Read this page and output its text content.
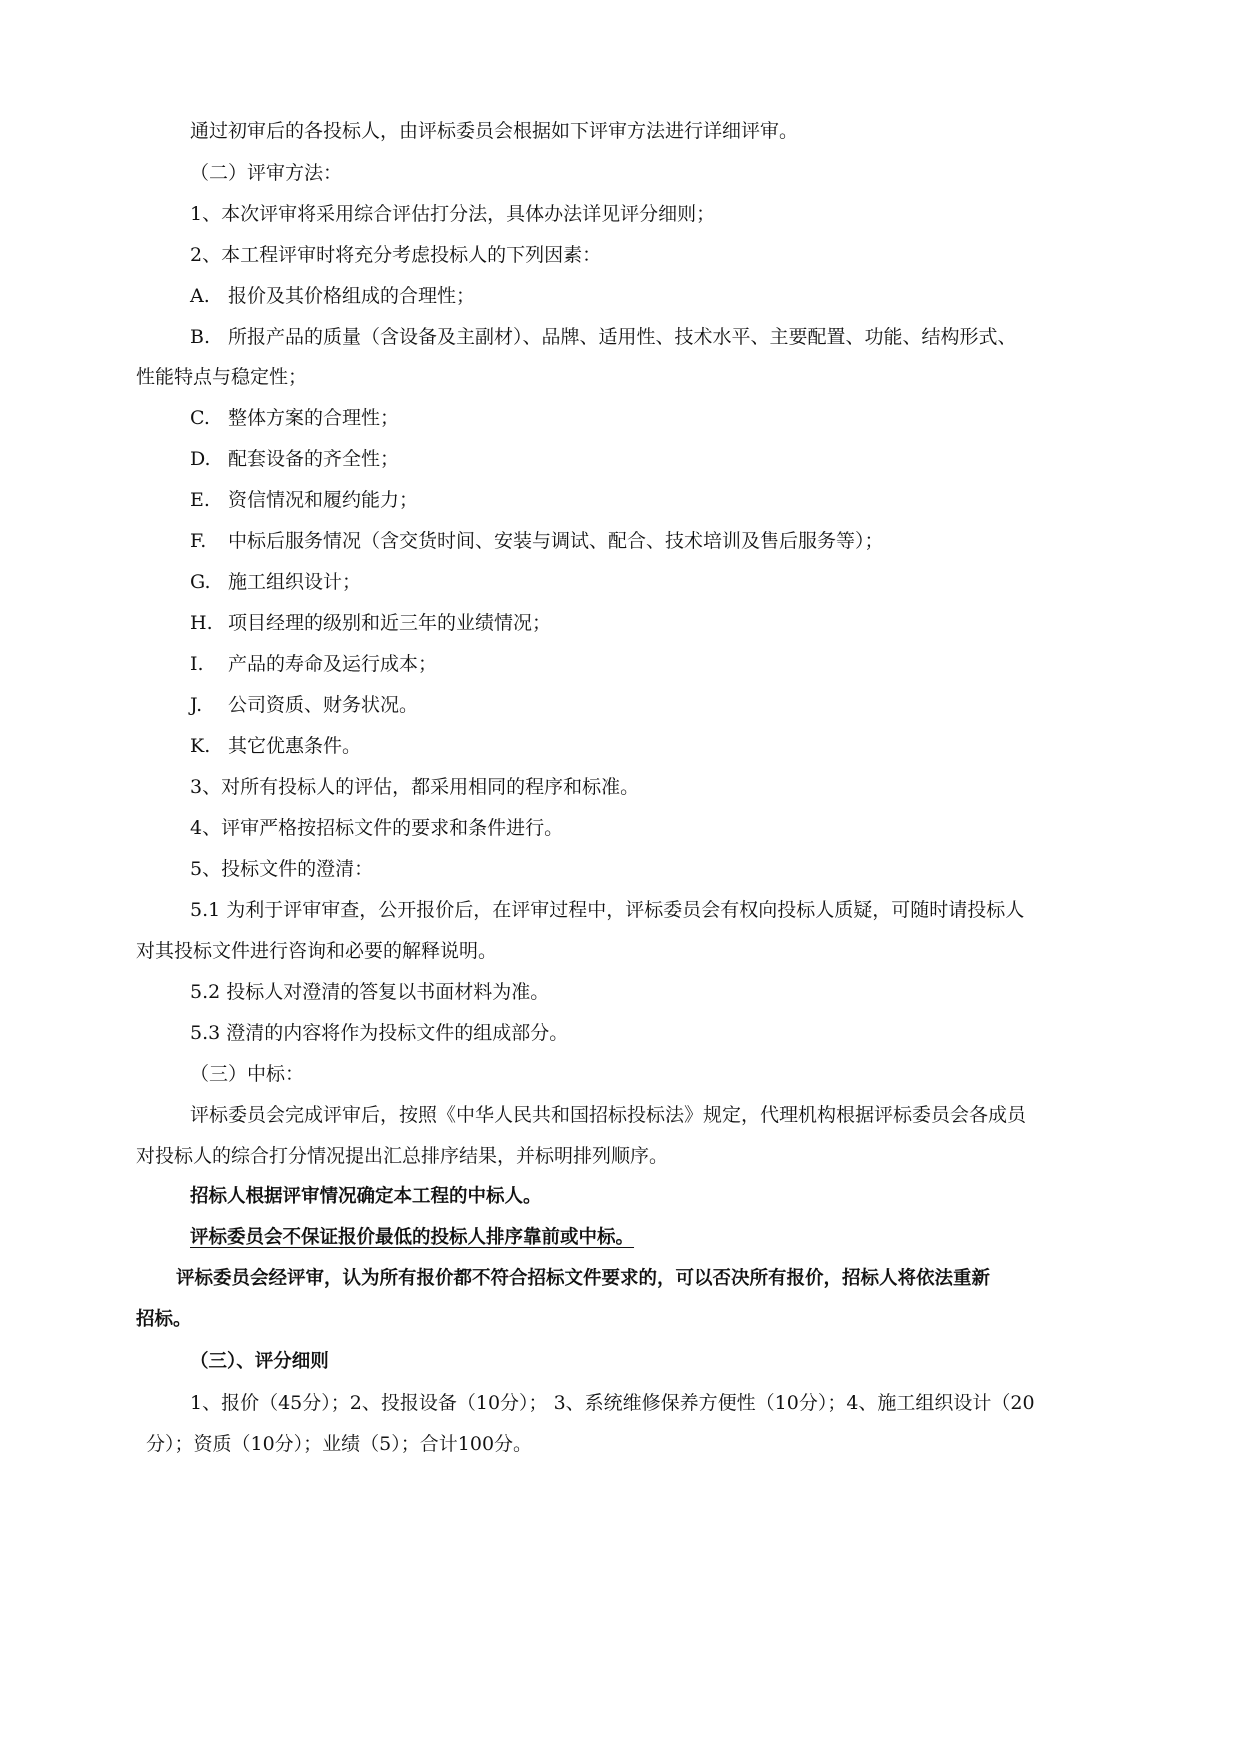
通过初审后的各投标人，由评标委员会根据如下评审方法进行详细评审。
（二）评审方法：
1、本次评审将采用综合评估打分法，具体办法详见评分细则；
2、本工程评审时将充分考虑投标人的下列因素：
A. 报价及其价格组成的合理性；
B. 所报产品的质量（含设备及主副材）、品牌、适用性、技术水平、主要配置、功能、结构形式、
性能特点与稳定性；
C. 整体方案的合理性；
D. 配套设备的齐全性；
E. 资信情况和履约能力；
F. 中标后服务情况（含交货时间、安装与调试、配合、技术培训及售后服务等）；
G. 施工组织设计；
H. 项目经理的级别和近三年的业绩情况；
I. 产品的寿命及运行成本；
J. 公司资质、财务状况。
K. 其它优惠条件。
3、对所有投标人的评估，都采用相同的程序和标准。
4、评审严格按招标文件的要求和条件进行。
5、投标文件的澄清：
5.1 为利于评审审查，公开报价后，在评审过程中，评标委员会有权向投标人质疑，可随时请投标人
对其投标文件进行咨询和必要的解释说明。
5.2 投标人对澄清的答复以书面材料为准。
5.3 澄清的内容将作为投标文件的组成部分。
（三）中标：
评标委员会完成评审后，按照《中华人民共和国招标投标法》规定，代理机构根据评标委员会各成员
对投标人的综合打分情况提出汇总排序结果，并标明排列顺序。
招标人根据评审情况确定本工程的中标人。
评标委员会不保证报价最低的投标人排序靠前或中标。
评标委员会经评审，认为所有报价都不符合招标文件要求的，可以否决所有报价，招标人将依法重新
招标。
（三）、评分细则
1、报价（45分）；2、投报设备（10分）； 3、系统维修保养方便性（10分）；4、施工组织设计（20
分）；资质（10分）；业绩（5）；合计100分。
